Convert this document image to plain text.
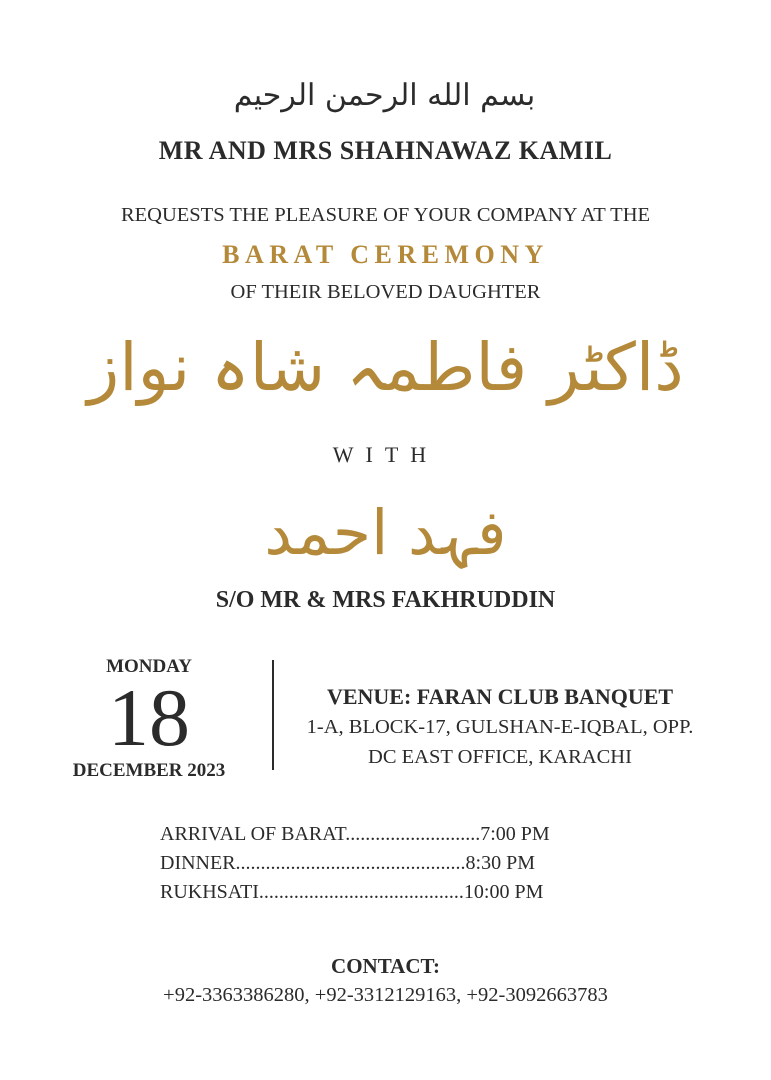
بسم الله الرحمن الرحيم
MR AND MRS SHAHNAWAZ KAMIL
REQUESTS THE PLEASURE OF YOUR COMPANY AT THE
BARAT CEREMONY
OF THEIR BELOVED DAUGHTER
ڈاکٹر فاطمہ شاہ نواز
WITH
فہد احمد
S/O MR & MRS FAKHRUDDIN
MONDAY
18
DECEMBER 2023
VENUE: FARAN CLUB BANQUET
1-A, BLOCK-17, GULSHAN-E-IQBAL, OPP.
DC EAST OFFICE, KARACHI
ARRIVAL OF BARAT...........................7:00 PM
DINNER..............................................8:30 PM
RUKHSATI.........................................10:00 PM
CONTACT:
+92-3363386280, +92-3312129163, +92-3092663783
